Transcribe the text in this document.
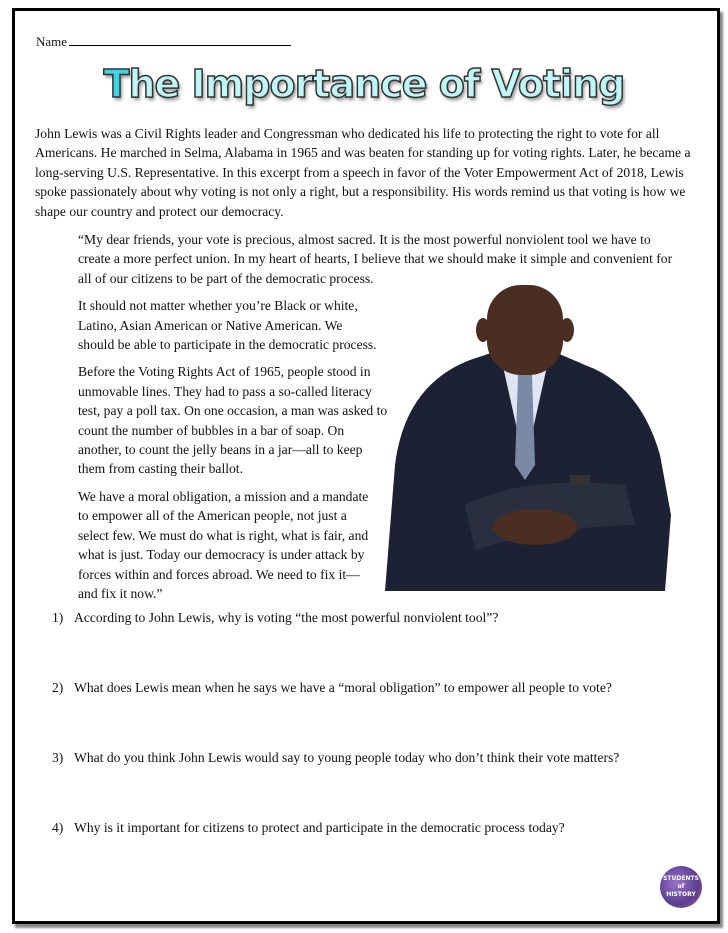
Name
The Importance of Voting
John Lewis was a Civil Rights leader and Congressman who dedicated his life to protecting the right to vote for all Americans. He marched in Selma, Alabama in 1965 and was beaten for standing up for voting rights. Later, he became a long-serving U.S. Representative. In this excerpt from a speech in favor of the Voter Empowerment Act of 2018, Lewis spoke passionately about why voting is not only a right, but a responsibility. His words remind us that voting is how we shape our country and protect our democracy.

“My dear friends, your vote is precious, almost sacred. It is the most powerful nonviolent tool we have to create a more perfect union. In my heart of hearts, I believe that we should make it simple and convenient for all of our citizens to be part of the democratic process.

It should not matter whether you’re Black or white, Latino, Asian American or Native American. We should be able to participate in the democratic process.

Before the Voting Rights Act of 1965, people stood in unmovable lines. They had to pass a so-called literacy test, pay a poll tax. On one occasion, a man was asked to count the number of bubbles in a bar of soap. On another, to count the jelly beans in a jar—all to keep them from casting their ballot.

We have a moral obligation, a mission and a mandate to empower all of the American people, not just a select few. We must do what is right, what is fair, and what is just. Today our democracy is under attack by forces within and forces abroad. We need to fix it—and fix it now.”

1) According to John Lewis, why is voting “the most powerful nonviolent tool”?
2) What does Lewis mean when he says we have a “moral obligation” to empower all people to vote?
3) What do you think John Lewis would say to young people today who don’t think their vote matters?
4) Why is it important for citizens to protect and participate in the democratic process today?
STUDENTS
of
HISTORY
